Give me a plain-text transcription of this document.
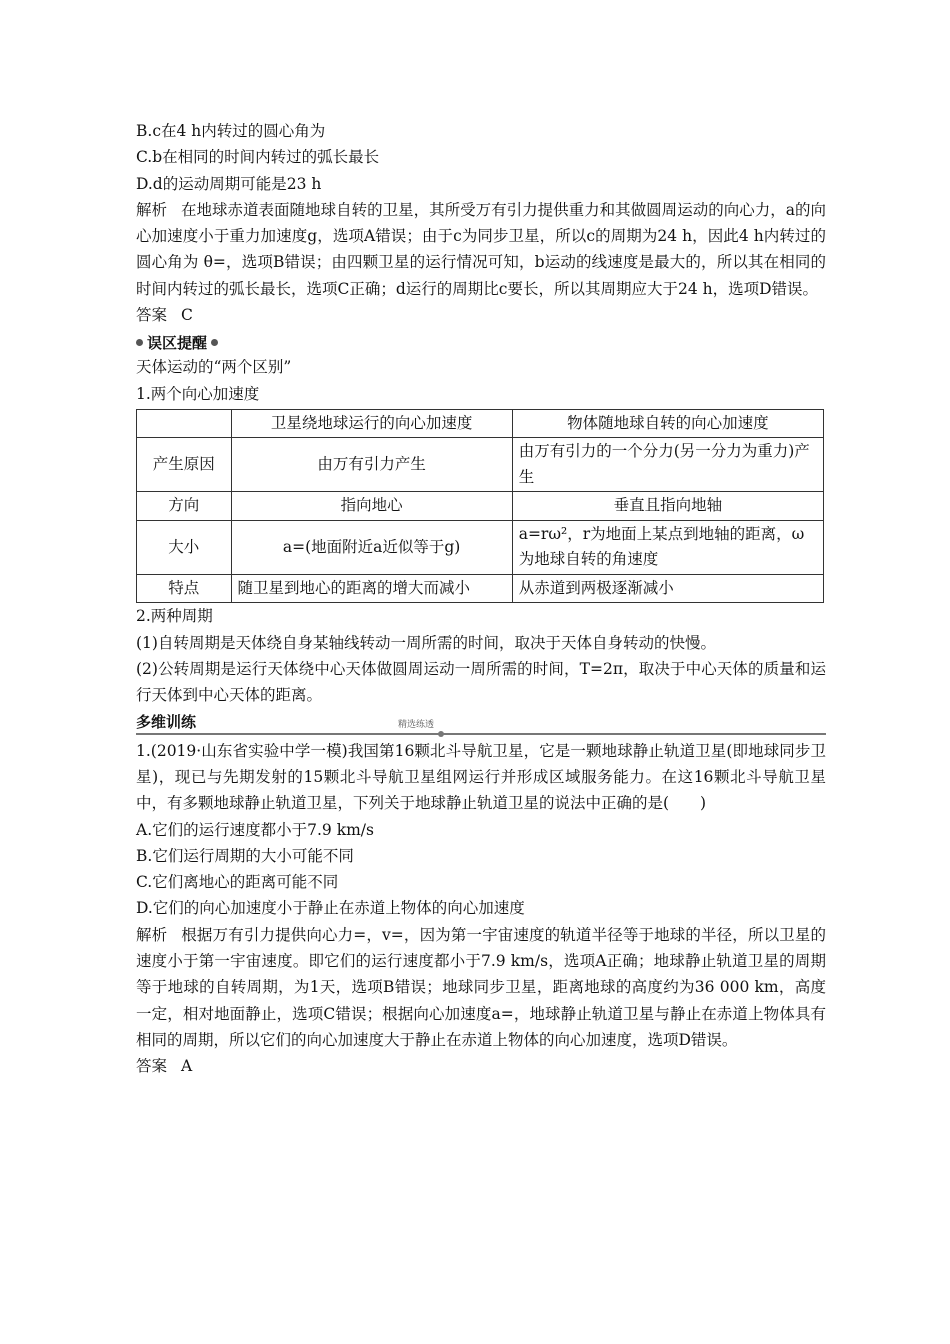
B.c在4 h内转过的圆心角为
C.b在相同的时间内转过的弧长最长
D.d的运动周期可能是23 h
解析 在地球赤道表面随地球自转的卫星，其所受万有引力提供重力和其做圆周运动的向心力，a的向心加速度小于重力加速度g，选项A错误；由于c为同步卫星，所以c的周期为24 h，因此4 h内转过的圆心角为 θ=，选项B错误；由四颗卫星的运行情况可知，b运动的线速度是最大的，所以其在相同的时间内转过的弧长最长，选项C正确；d运行的周期比c要长，所以其周期应大于24 h，选项D错误。
答案 C
误区提醒
天体运动的“两个区别”
1.两个向心加速度
	卫星绕地球运行的向心加速度	物体随地球自转的向心加速度
产生原因	由万有引力产生	由万有引力的一个分力(另一分力为重力)产生
方向	指向地心	垂直且指向地轴
大小	a=(地面附近a近似等于g)	a=rω²，r为地面上某点到地轴的距离，ω为地球自转的角速度
特点	随卫星到地心的距离的增大而减小	从赤道到两极逐渐减小
2.两种周期
(1)自转周期是天体绕自身某轴线转动一周所需的时间，取决于天体自身转动的快慢。
(2)公转周期是运行天体绕中心天体做圆周运动一周所需的时间，T=2π，取决于中心天体的质量和运行天体到中心天体的距离。
多维训练	精选练透
1.(2019·山东省实验中学一模)我国第16颗北斗导航卫星，它是一颗地球静止轨道卫星(即地球同步卫星)，现已与先期发射的15颗北斗导航卫星组网运行并形成区域服务能力。在这16颗北斗导航卫星中，有多颗地球静止轨道卫星，下列关于地球静止轨道卫星的说法中正确的是(　　)
A.它们的运行速度都小于7.9 km/s
B.它们运行周期的大小可能不同
C.它们离地心的距离可能不同
D.它们的向心加速度小于静止在赤道上物体的向心加速度
解析 根据万有引力提供向心力=，v=，因为第一宇宙速度的轨道半径等于地球的半径，所以卫星的速度小于第一宇宙速度。即它们的运行速度都小于7.9 km/s，选项A正确；地球静止轨道卫星的周期等于地球的自转周期，为1天，选项B错误；地球同步卫星，距离地球的高度约为36 000 km，高度一定，相对地面静止，选项C错误；根据向心加速度a=，地球静止轨道卫星与静止在赤道上物体具有相同的周期，所以它们的向心加速度大于静止在赤道上物体的向心加速度，选项D错误。
答案 A
